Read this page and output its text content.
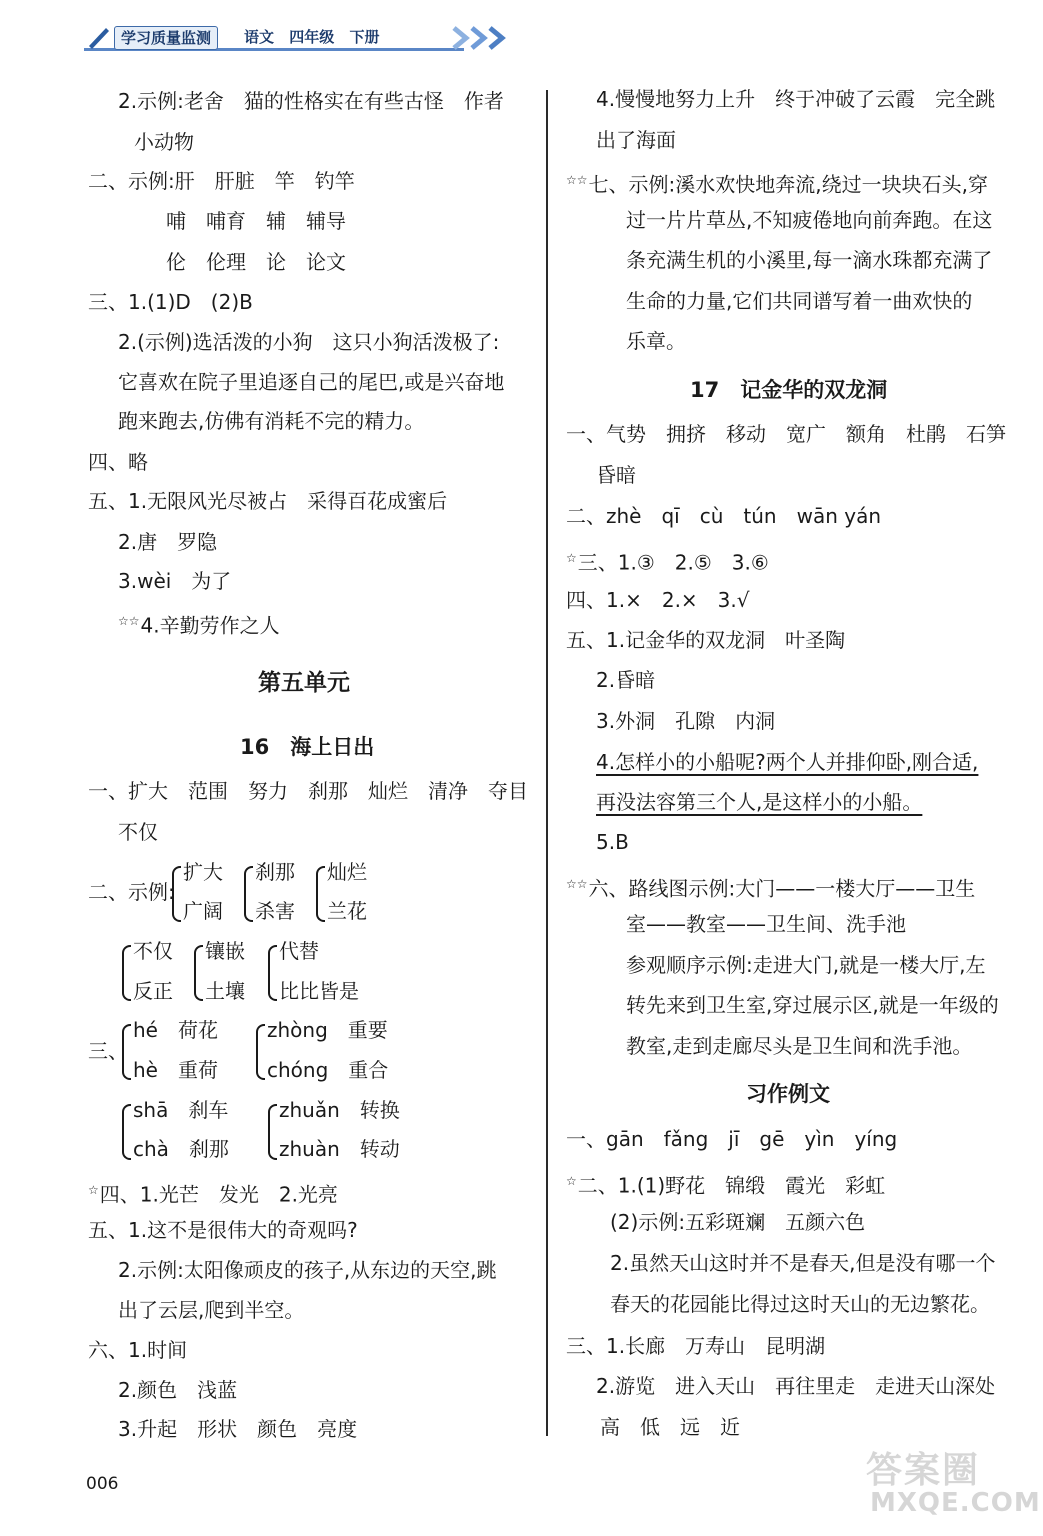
学习质量监测	语文 四年级 下册
2.示例:老舍　猫的性格实在有些古怪　作者
小动物
二、示例:肝　肝脏　竿　钓竿
哺　哺育　辅　辅导
伦　伦理　论　论文
三、1.(1)D　(2)B
2.(示例)选活泼的小狗　这只小狗活泼极了:
它喜欢在院子里追逐自己的尾巴,或是兴奋地
跑来跑去,仿佛有消耗不完的精力。
四、略
五、1.无限风光尽被占　采得百花成蜜后
2.唐　罗隐
3.wèi　为了
☆☆4.辛勤劳作之人
第五单元
16　海上日出
一、扩大　范围　努力　刹那　灿烂　清净　夺目
不仅
二、示例:
扩大
广阔
刹那
杀害
灿烂
兰花
不仅
反正
镶嵌
土壤
代替
比比皆是
三、
hé　荷花
hè　重荷
zhòng　重要
chóng　重合
shā　刹车
chà　刹那
zhuǎn　转换
zhuàn　转动
☆四、1.光芒　发光　2.光亮
五、1.这不是很伟大的奇观吗?
2.示例:太阳像顽皮的孩子,从东边的天空,跳
出了云层,爬到半空。
六、1.时间
2.颜色　浅蓝
3.升起　形状　颜色　亮度
4.慢慢地努力上升　终于冲破了云霞　完全跳
出了海面
☆☆七、示例:溪水欢快地奔流,绕过一块块石头,穿
过一片片草丛,不知疲倦地向前奔跑。在这
条充满生机的小溪里,每一滴水珠都充满了
生命的力量,它们共同谱写着一曲欢快的
乐章。
17　记金华的双龙洞
一、气势　拥挤　移动　宽广　额角　杜鹃　石笋
昏暗
二、zhè　qī　cù　tún　wān yán
☆三、1.③　2.⑤　3.⑥
四、1.×　2.×　3.√
五、1.记金华的双龙洞　叶圣陶
2.昏暗
3.外洞　孔隙　内洞
4.怎样小的小船呢?两个人并排仰卧,刚合适,
再没法容第三个人,是这样小的小船。
5.B
☆☆六、路线图示例:大门——一楼大厅——卫生
室——教室——卫生间、洗手池
参观顺序示例:走进大门,就是一楼大厅,左
转先来到卫生室,穿过展示区,就是一年级的
教室,走到走廊尽头是卫生间和洗手池。
习作例文
一、gān　fǎng　jī　gē　yìn　yíng
☆二、1.(1)野花　锦缎　霞光　彩虹
(2)示例:五彩斑斓　五颜六色
2.虽然天山这时并不是春天,但是没有哪一个
春天的花园能比得过这时天山的无边繁花。
三、1.长廊　万寿山　昆明湖
2.游览　进入天山　再往里走　走进天山深处
高　低　远　近
006	答案圈
MXQE.COM
